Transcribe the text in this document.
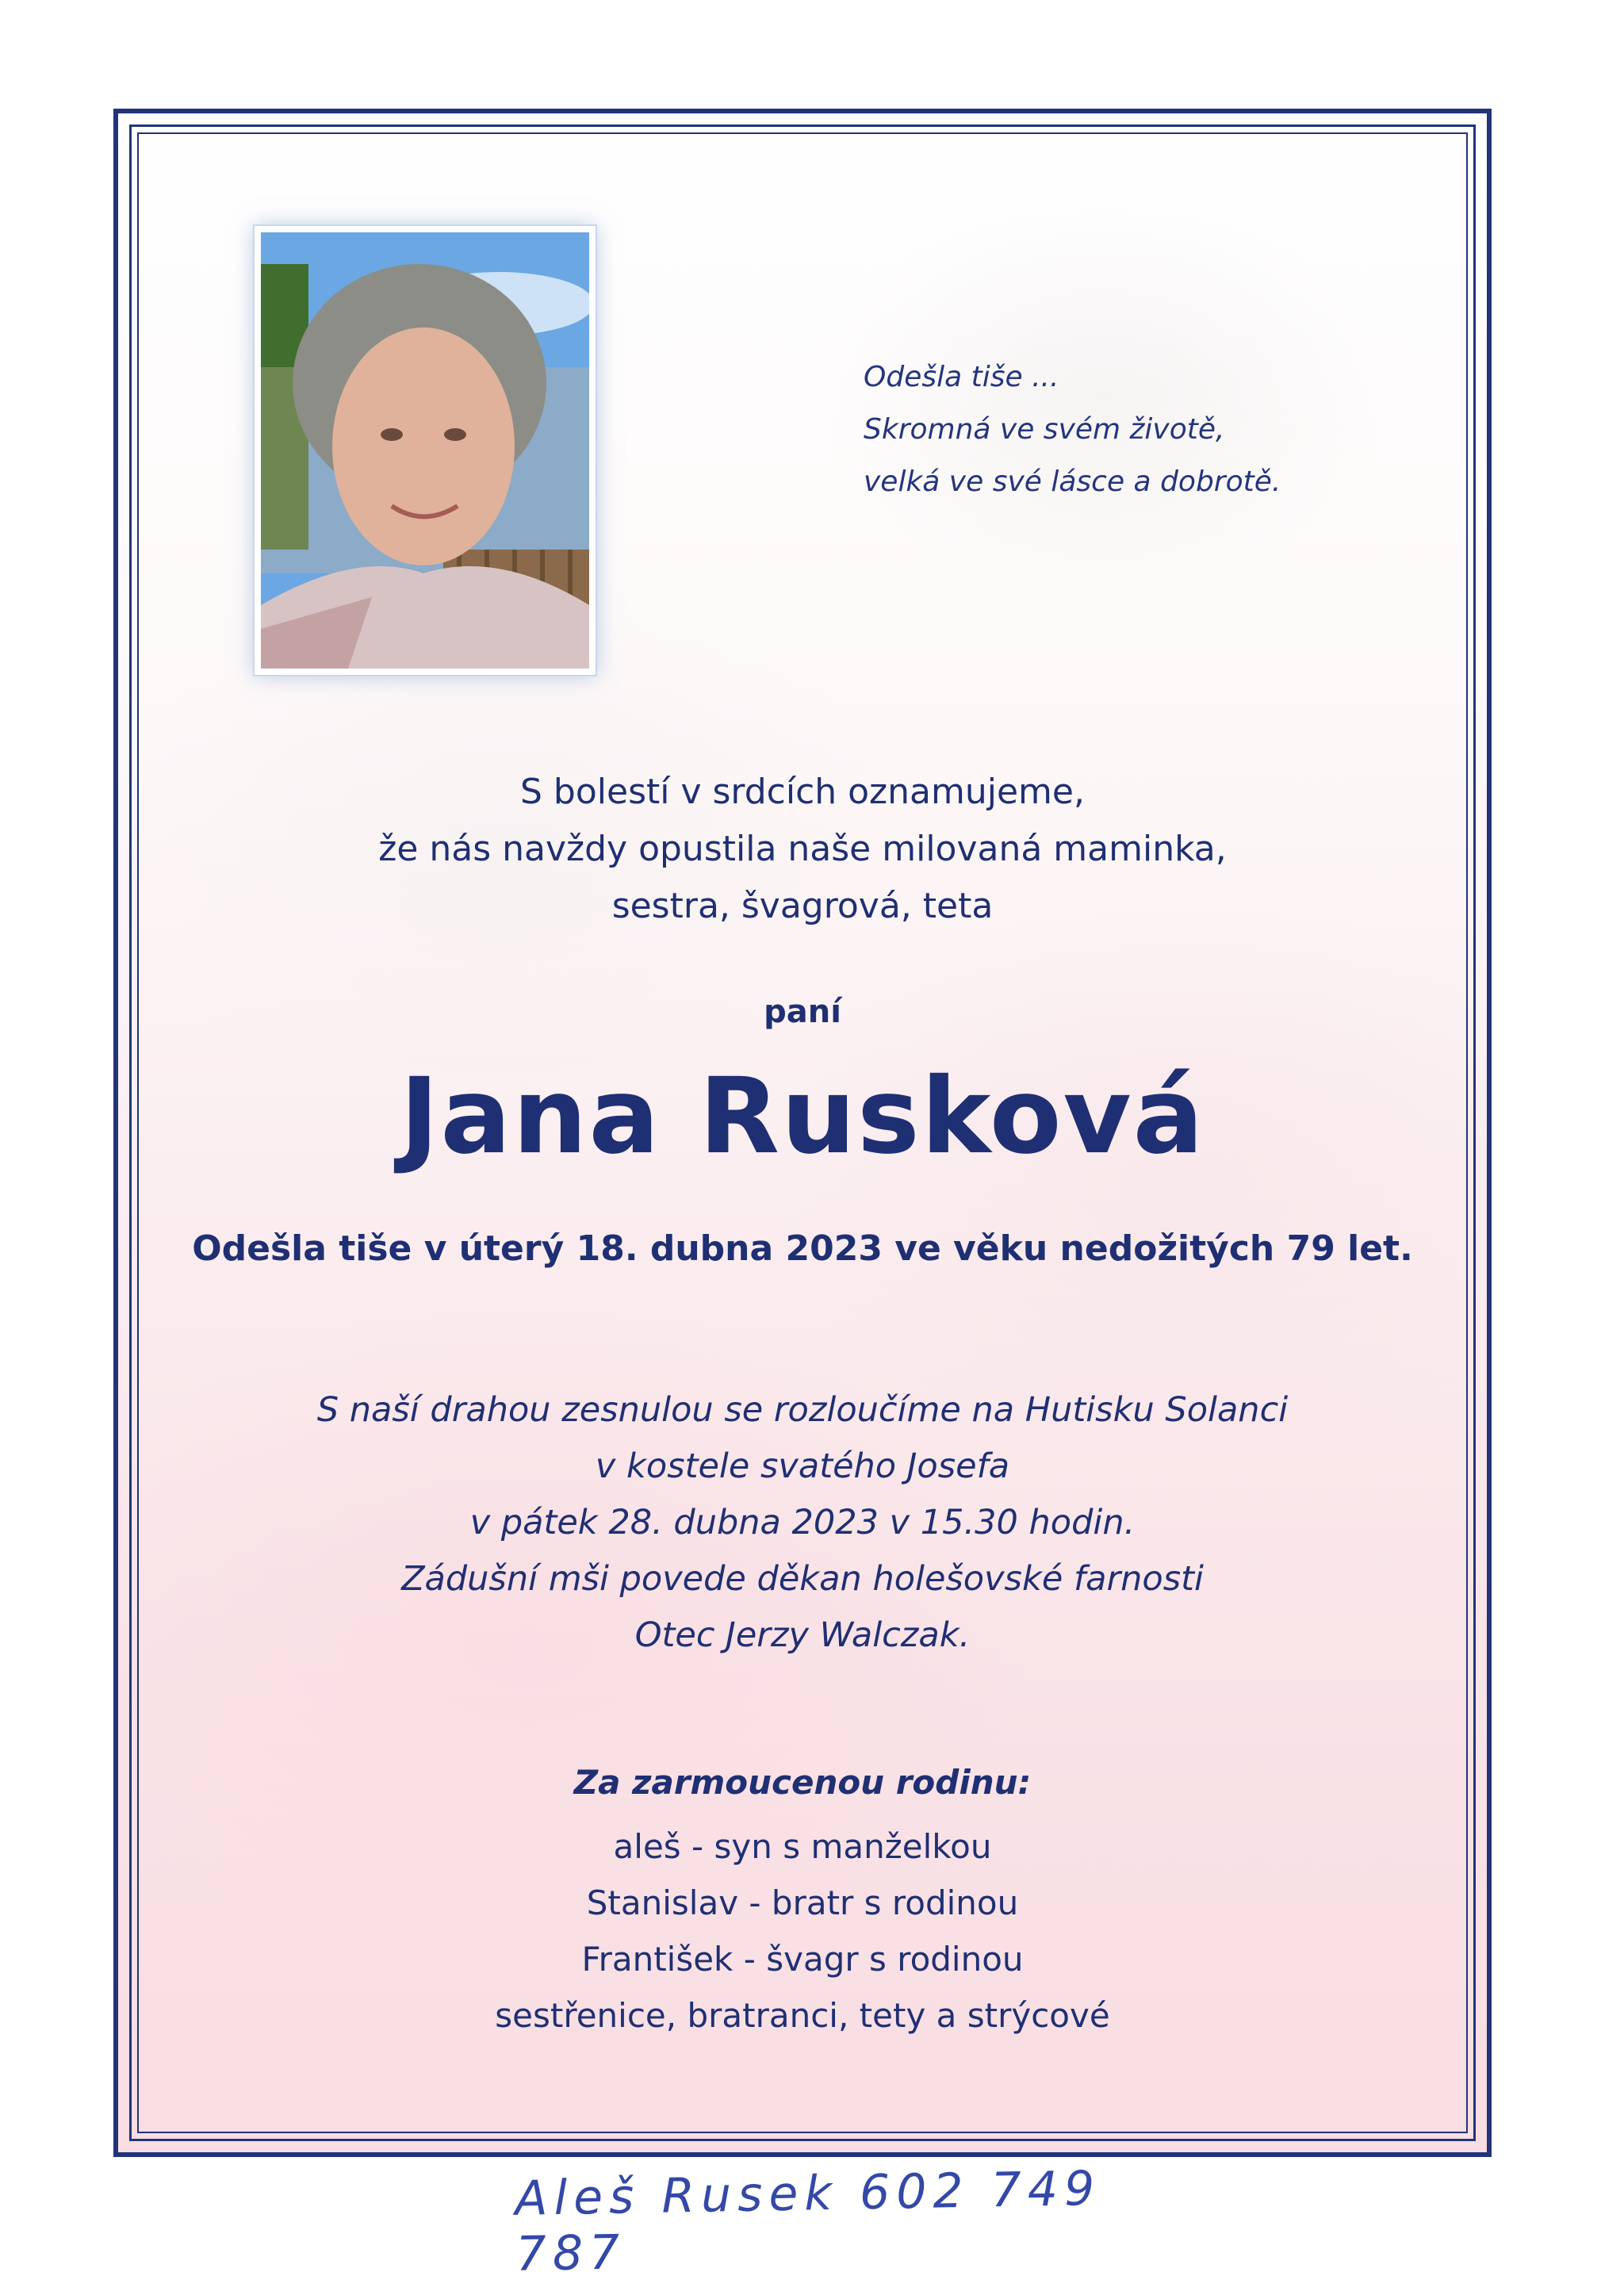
Odešla tiše ...
Skromná ve svém životě,
velká ve své lásce a dobrotě.
S bolestí v srdcích oznamujeme,
že nás navždy opustila naše milovaná maminka,
sestra, švagrová, teta
paní
Jana Rusková
Odešla tiše v úterý 18. dubna 2023 ve věku nedožitých 79 let.
S naší drahou zesnulou se rozloučíme na Hutisku Solanci
v kostele svatého Josefa
v pátek 28. dubna 2023 v 15.30 hodin.
Zádušní mši povede děkan holešovské farnosti
Otec Jerzy Walczak.
Za zarmoucenou rodinu:
aleš - syn s manželkou
Stanislav - bratr s rodinou
František - švagr s rodinou
sestřenice, bratranci, tety a strýcové
Aleš Rusek 602 749 787
